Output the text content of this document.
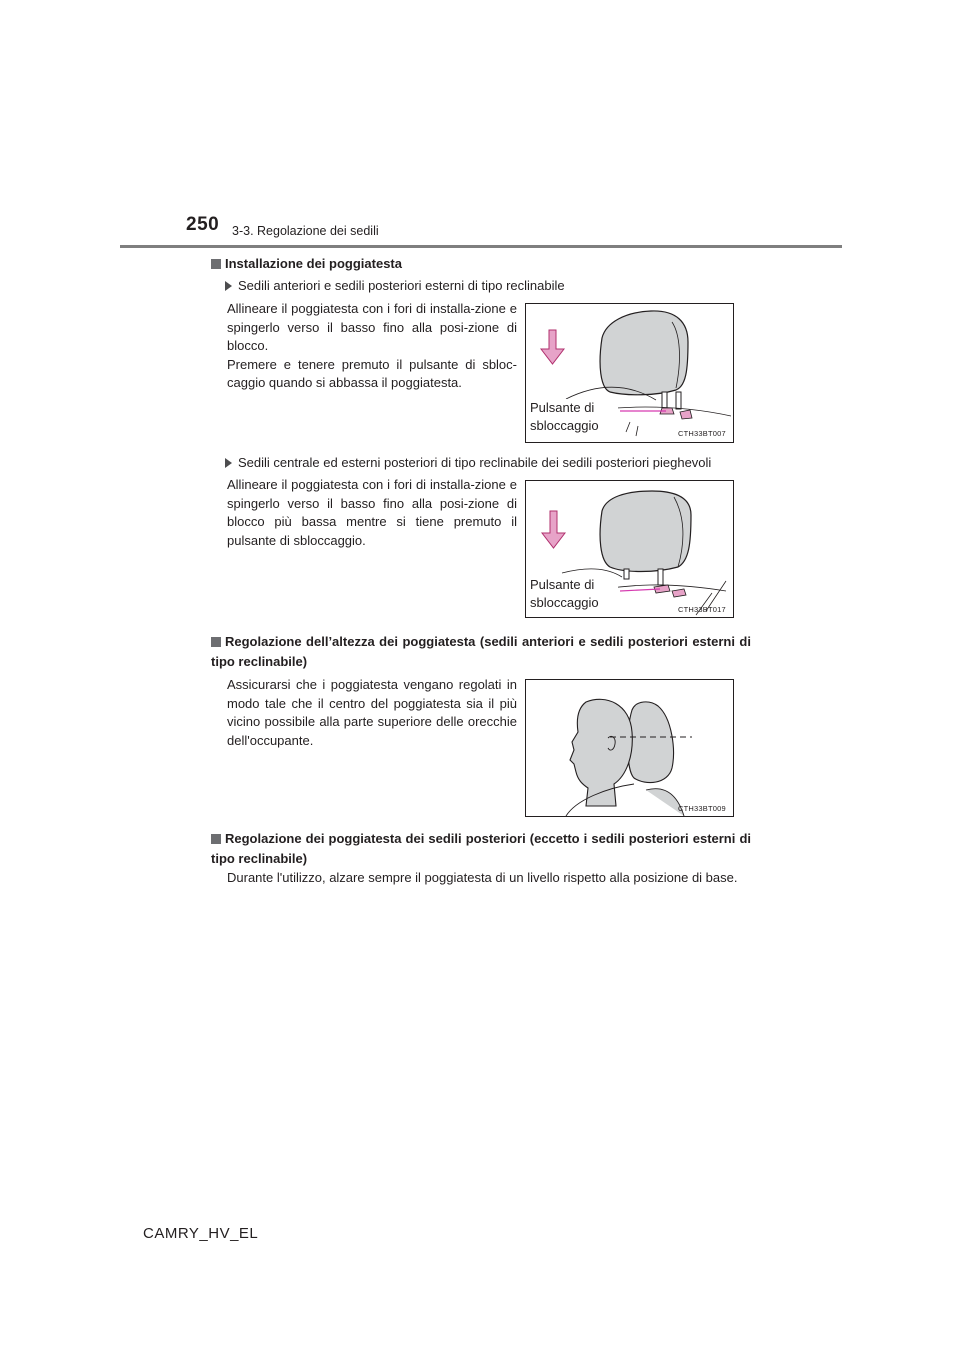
250 3-3. Regolazione dei sedili
Installazione dei poggiatesta
Sedili anteriori e sedili posteriori esterni di tipo reclinabile
Allineare il poggiatesta con i fori di installa-zione e spingerlo verso il basso fino alla posi-zione di blocco.
Premere e tenere premuto il pulsante di sbloc-caggio quando si abbassa il poggiatesta.
Pulsante di sbloccaggio
CTH33BT007
Sedili centrale ed esterni posteriori di tipo reclinabile dei sedili posteriori pieghevoli
Allineare il poggiatesta con i fori di installa-zione e spingerlo verso il basso fino alla posi-zione di blocco più bassa mentre si tiene premuto il pulsante di sbloccaggio.
Pulsante di sbloccaggio	CTH33BT017
Regolazione dell’altezza dei poggiatesta (sedili anteriori e sedili posteriori esterni di tipo reclinabile)
Assicurarsi che i poggiatesta vengano regolati in modo tale che il centro del poggiatesta sia il più vicino possibile alla parte superiore delle orecchie dell'occupante.
CTH33BT009
Regolazione dei poggiatesta dei sedili posteriori (eccetto i sedili posteriori esterni di tipo reclinabile)
Durante l'utilizzo, alzare sempre il poggiatesta di un livello rispetto alla posizione di base.
CAMRY_HV_EL
